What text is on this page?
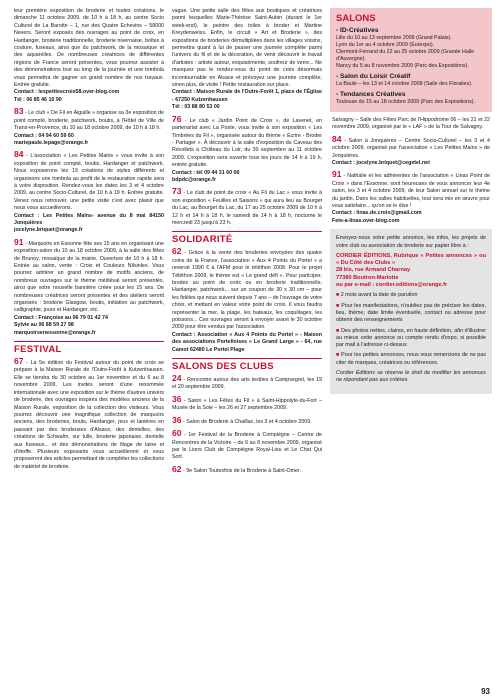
leur première exposition de broderie et toutes créations, le dimanche 11 octobre 2009, de 10 h à 18 h, au centre Socio Culturel de La Barotte – 1, rue des Quatre Echevins – 58000 Nevers. Seront exposés des ouvrages au point de croix, en Hardanger, broderie traditionnelle, broderie nivernaise, boîtes à couture, fuseaux, ainsi que du patchwork, de la mosaïque et des aquarelles. De nombreuses créatrices de différentes régions de France seront présentes, vous pourrez assister à des démonstrations tout au long de la journée et une tombola vous permettra de gagner un grand nombre de nos travaux. Entrée gratuite.
Contact : lespetitescroix58.over-blog.com
Tél : 06 85 46 10 90

83 - Le club « De Fil en Aiguille » organise sa 3e exposition de point compté, broderie, patchwork, boutis, à l'Hôtel de Ville de Trans-en-Provence, du 10 au 18 octobre 2009, de 10 h à 18 h.
Contact : 04 94 60 59 60
mariepaule.lepage@orange.fr

84 - L'association « Les Petites Mains » vous invite à son exposition de point compté, boutis, Hardanger et patchwork. Nous exposerons les 19 créations de styles différents et organisons une tombola au profit de la restauration rapide sera à votre disposition. Rendez-vous les dates les 3 et 4 octobre 2009, au centre Socio-Culturel, de 10 h à 19 h. Entrée gratuite. Venez nous retrouver, une petite visite c'est avec plaisir que nous vous accueillerons.
Contact : Les Petites Mains- avenue du 8 mai 84150 Jonquières
jocelyne.briquet@orange.fr

91 - Marquoirs en Essonne fête ses 15 ans en organisant une exposition-salon du 10 au 18 octobre 2009, à la salle des fêtes de Brunoy, mosaïque de la mairie. Ouverture de 10 h à 18 h. Entrée au salon, vente : Croix et Couleurs Nilsinlex. Vous pourrez admirer un grand nombre de motifs anciens, de nombreux ouvrages sur le thème médiéval seront présentés, ainsi que votre nouvelle bannière créée pour les 15 ans. De nombreuses créatrices seront présentes et des ateliers seront organisés : broderie Glasgow, boutis, initiation au patchwork, calligraphie, jours et Hardanger, etc.
Contact : Françoise au 06 79 01 42 74
Sylvie au 06 88 59 27 98
marquoirsenessonne@orange.fr

FESTIVAL

67 - La 5e édition du Festival autour du point de croix se prépare à la Maison Rurale de l'Outre-Forêt à Kutzenhausen. Elle se tiendra du 30 octobre au 1er novembre et du 6 au 8 novembre 2009. Les invités seront d'une renommée internationale avec une exposition sur le thème d'autres univers de broderie, des ouvrages inspirés des modèles anciens de la Maison Rurale, exposition de la collection des visiteurs. Vous pourrez découvrir une magnifique collection de marquoirs anciens, des broderies, bouts, Hardanger, jeux et lanières en passant par des brodeuses d'Alsace, des dentelles, des créations de Schwalm, sur tulle, broderie japonaise, dentelle aux fuseaux... et des démonstrations de filage de laine et d'étoffe. Plusieurs exposants vous accueilleront et vous proposeront des articles permettant de compléter les collections de matériel de broderie.

vague. Une petite salle des fêtes aux boutiques et créatrices parmi lesquelles Marie-Thérèse Saint-Aubin (durant le 1er week-end), le peintre des toiles à broder et Martine Kreydenweiss. Enfin, le circuit « Art et Broderie », des expositions de broderies démultipliées dans les villages voisins, permettra quant à lui de passer une journée complète parmi l'univers du fil et de la décoration, de venir découvrir le travail d'artistes : artiste autour, exquisémente, soufreur de verre... Ne manquez pas le rendez-vous du point de croix désormais incontournable en Alsace et prévoyez une journée complète, sinon plus, de visite ! Petite restauration sur place.
Contact : Maison Rurale de l'Outre-Forêt 1, place de l'Église - 67250 Kutzenhausen
Tél : 03 88 80 53 00

76 - Le club « Jardin Point de Croix », de Lavenet, en partenariat avec La Poste, vous invite à son exposition « Les Timbrées du Fil », organisée autour du thème « Écrire - Broder - Partager ». À découvrir à la salle d'exposition du Caveau des Récollets à Château du Loir, du 30 septembre au 11 octobre 2009. L'exposition sera ouverte tous les jours de 14 h à 19 h, entrée gratuite.
Contact : tél 09 44 31 60 06
bdpdc@orange.fr

73 - Le club de point de croix « Au Fil du Lac » vous invite à son exposition « Feuilles et Saisons » qui aura lieu au Bourget du Lac, au Bourget du Lac, du 17 au 25 octobre 2009 de 10 h à 12 h et 14 h à 18 h, le samedi de 14 h à 18 h, nocturne le mercredi 23 jusqu'à 23 h.

SOLIDARITÉ

62 - Grâce à la vente des broderies envoyées des quatre coins de la France, l'association « Aux 4 Points du Portel » a reversé 1990 € à l'AFM pour le téléthon 2008. Pour le projet Téléthon 2009, le thème est « Le grand défi ». Pour participer, brodez au point de croix ou en broderie traditionnelle, Hardanger, patchwork... sur un coupon de 30 x 30 cm – pour les fidèles qui nous suivent depuis 7 ans – de l'ouvrage de votre choix, et mettant en valeur votre point de croix. Il vous faudra représenter la mer, la plage, les bateaux, les coquillages, les poissons... Ces ouvrages seront à envoyer avant le 30 octobre 2009 pour être vendus par l'association.
Contact : Association « Aux 4 Points du Portel » - Maison des associations Portelloises « Le Grand Large » - 64, rue Camot 62480 Le Portel Plage

SALONS DES CLUBS

24 - Rencontre autour des arts textiles à Campsegret, les 19 et 20 septembre 2009.

36 - Salon « Les Fêtes du Fil » à Saint-Hippolyte-du-Fort – Musée de la Soie – les 26 et 27 septembre 2009.

36 - Salon de Broderie à Chaillac, les 3 et 4 octobre 2009.

60 - 1er Festival de la Broderie à Compiègne – Centre de Rencontres de la Victoire – du 6 au 8 novembre 2009, organisé par le Lions Club de Compiègne Royal-Lieu et Le Chat Qui Sort.

62 - 9e Salon Toutesfois de la Broderie à Saint-Omer.

SALONS
- ID-Créatives
Lille du 10 au 13 septembre 2009 (Grand Palais).
Lyon du 1er au 4 octobre 2009 (Eurexpo).
Clermont-Ferrand du 22 au 25 octobre 2009 (Grande Halle d'Auvergne).
Nancy du 5 au 8 novembre 2009 (Parc des Expositions).
- Salon du Loisir Créatif
La Baule – les 13 et 14 octobre 2009 (Salle des Floralies).
- Tendances Créatives
Toulouse du 15 au 18 octobre 2009 (Parc des Expositions).

Salvagny – Salle des Fêtes Parc de l'Hippodrome 06 – les 21 et 22 novembre 2009, organisé par le « LAF » de la Tour de Salvagny.

84 - Salon à Jonquières – Centre Socio-Culturel – les 3 et 4 octobre 2009, organisé par l'association « Les Petites Mains » de Jonquières.
Contact : jocelyne.briquet@cegetel.net

91 - Nathalie et les adhérentes de l'association « Linas Point de Croix » dans l'Essonne, sont heureuses de vous annoncer leur 4e salon, les 3 et 4 octobre 2009, de leur Salon annuel sur le thème du jardin. Dans les salles habituelles, tout sera mis en œuvre pour vous satisfaire... qu'on se le dise !
Contact : linas.de.croix@gmail.com
Fete-a-linas.over-blog.com

Envoyez-nous votre petite annonce, les infos, les projets de votre club ou association de broderie sur papier libre à :

CORDIER ÉDITIONS, Rubrique « Petites annonces » ou « Du Côté des Clubs »
28 bis, rue Armand Charnay
77380 Boutron-Marlotte
ou par e-mail : cordier.editions@orange.fr

■ 2 mois avant la date de parution

■ Pour les manifestations, n'oubliez pas de préciser les dates, lieu, thème, date limite éventuelle, contact ou adresse pour obtenir des renseignements

■ Des photos nettes, claires, en haute définition, afin d'illustrer au mieux cette annonce ou compte rendu d'expo, si possible par mail à l'adresse ci-dessus

■ Pour les petites annonces, nous vous remercions de ne pas citer de marques, créatrices ou références.

Cordier Éditions se réserve le droit de modifier les annonces ne répondant pas aux critères.

93
